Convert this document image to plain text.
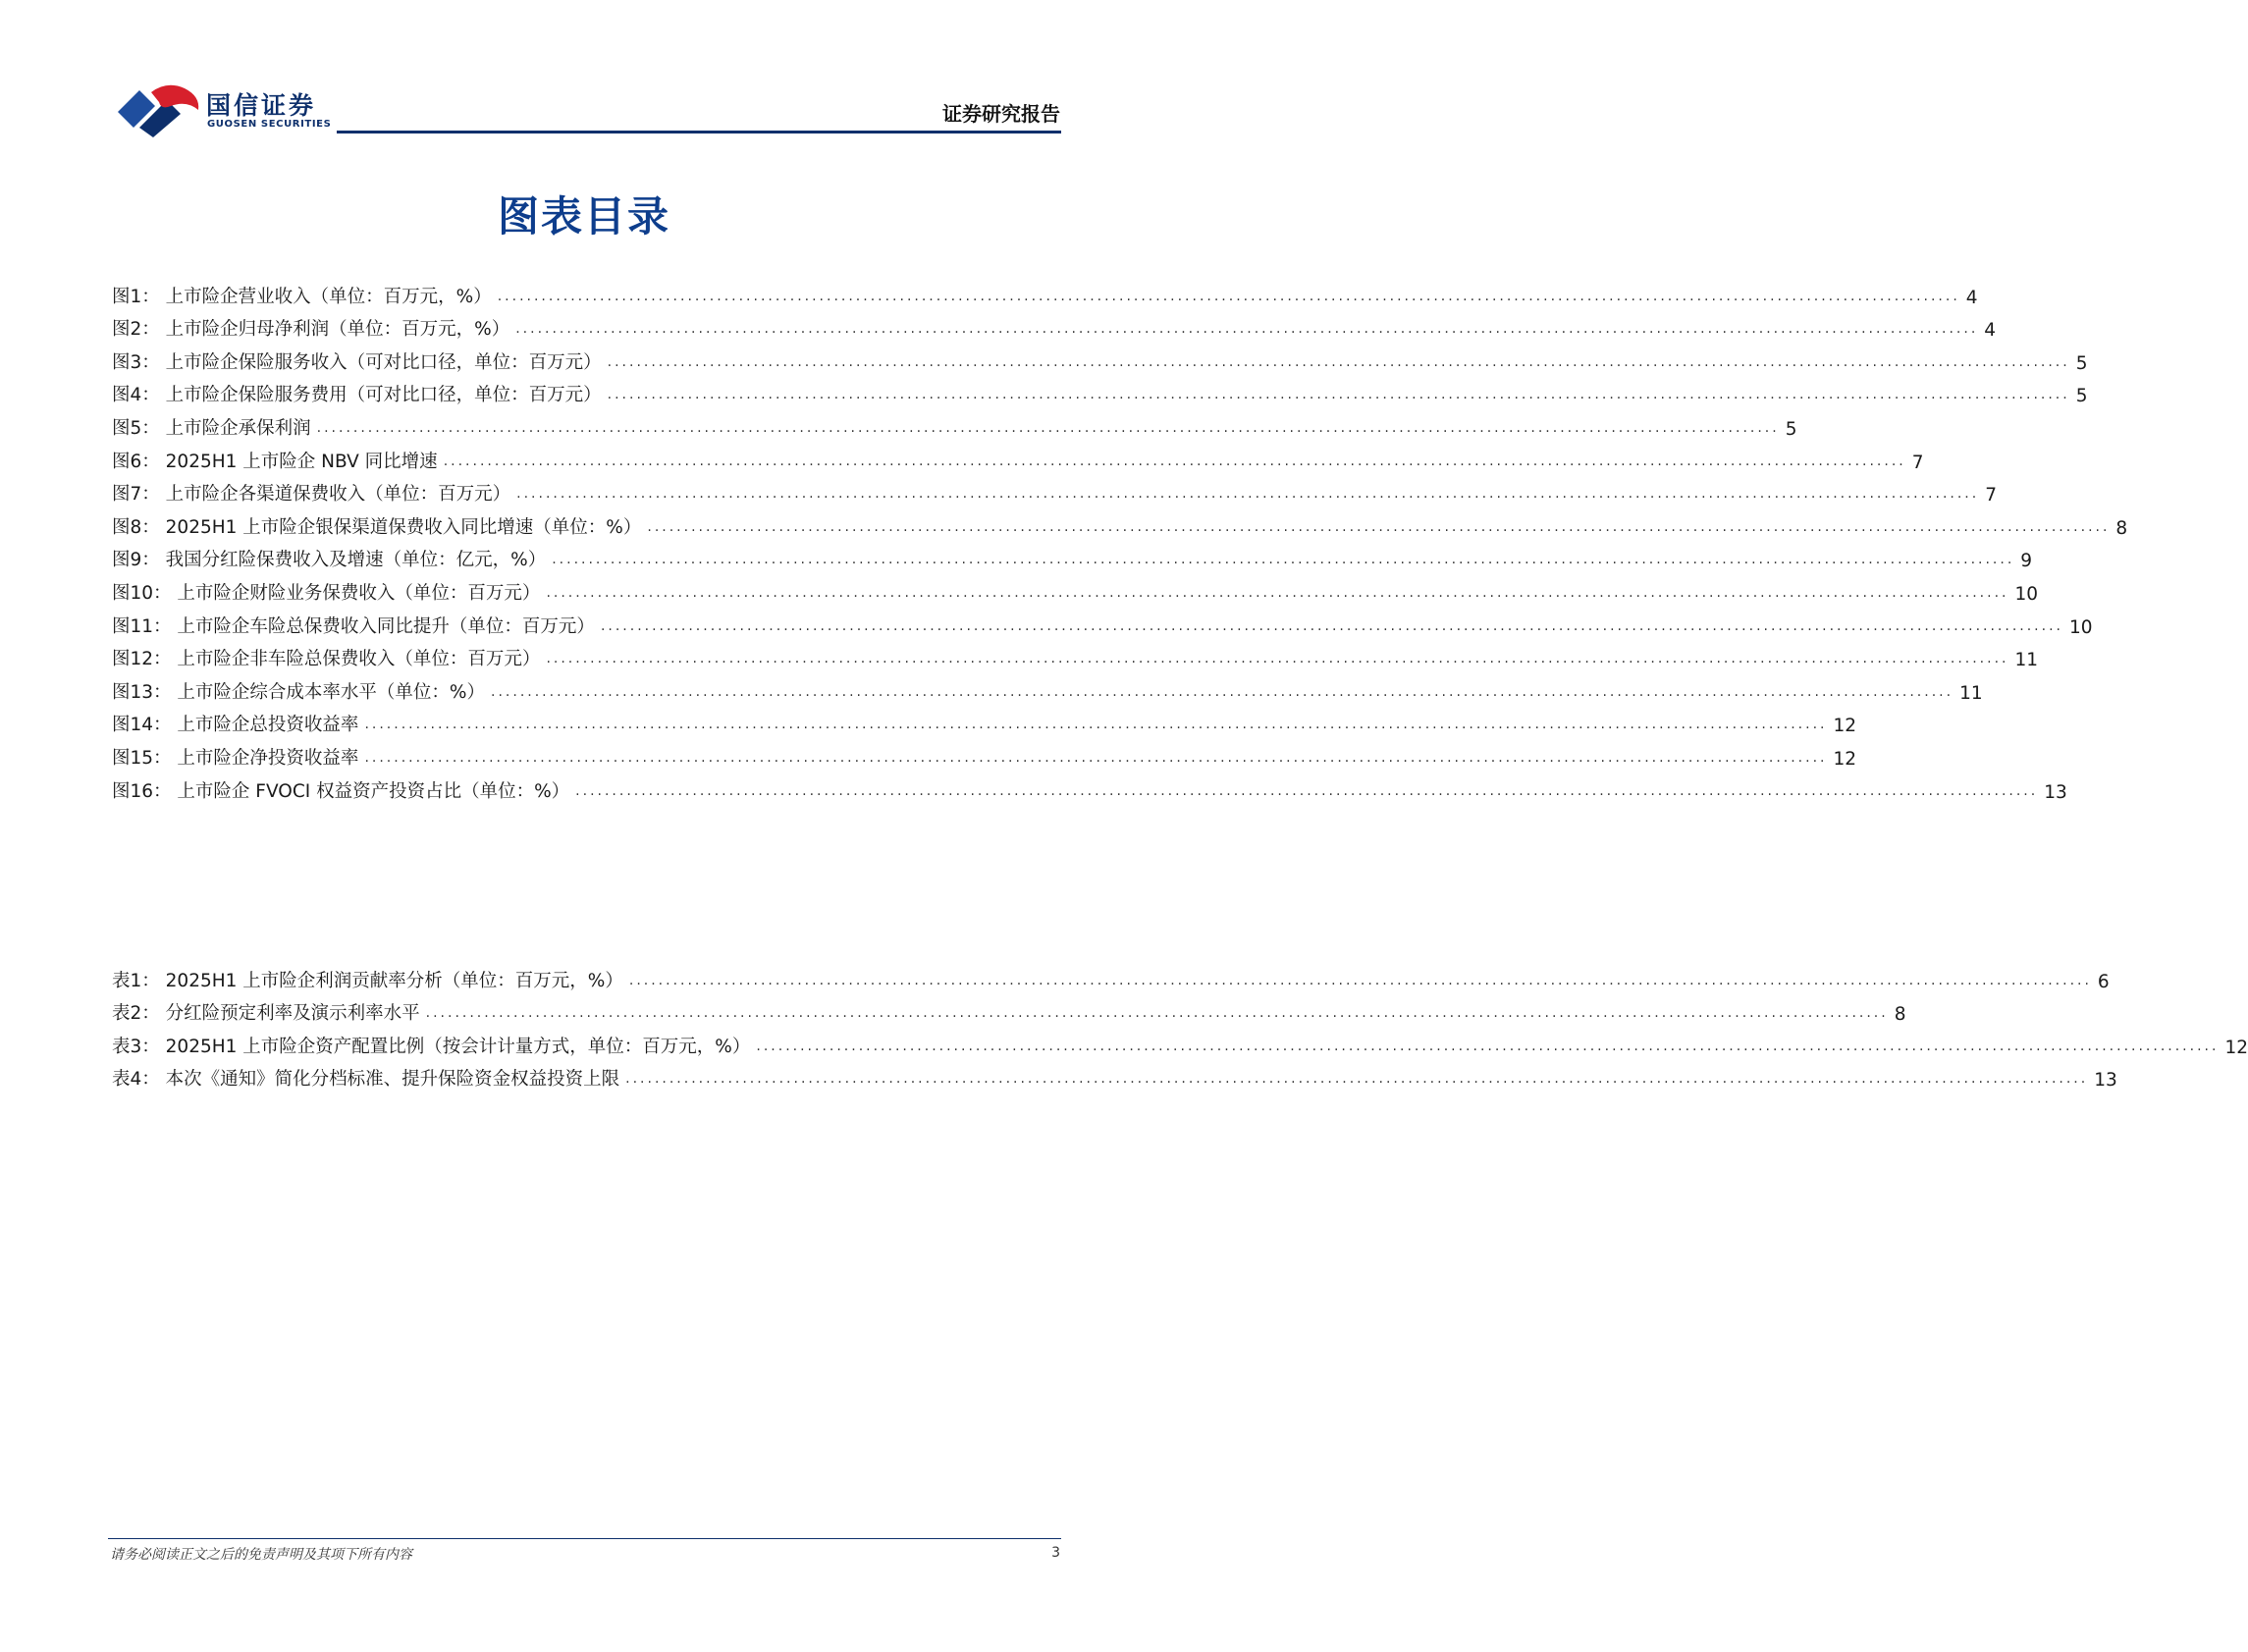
国信证券
GUOSEN SECURITIES	证券研究报告
图表目录
图1： 上市险企营业收入（单位：百万元，%） ........................................................................................................................................................................................................ 4
图2： 上市险企归母净利润（单位：百万元，%） ........................................................................................................................................................................................................ 4
图3： 上市险企保险服务收入（可对比口径，单位：百万元） ........................................................................................................................................................................................................ 5
图4： 上市险企保险服务费用（可对比口径，单位：百万元） ........................................................................................................................................................................................................ 5
图5： 上市险企承保利润 ........................................................................................................................................................................................................ 5
图6： 2025H1 上市险企 NBV 同比增速 ........................................................................................................................................................................................................ 7
图7： 上市险企各渠道保费收入（单位：百万元） ........................................................................................................................................................................................................ 7
图8： 2025H1 上市险企银保渠道保费收入同比增速（单位：%） ........................................................................................................................................................................................................ 8
图9： 我国分红险保费收入及增速（单位：亿元，%） ........................................................................................................................................................................................................ 9
图10： 上市险企财险业务保费收入（单位：百万元） ........................................................................................................................................................................................................ 10
图11： 上市险企车险总保费收入同比提升（单位：百万元） ........................................................................................................................................................................................................ 10
图12： 上市险企非车险总保费收入（单位：百万元） ........................................................................................................................................................................................................ 11
图13： 上市险企综合成本率水平（单位：%） ........................................................................................................................................................................................................ 11
图14： 上市险企总投资收益率 ........................................................................................................................................................................................................ 12
图15： 上市险企净投资收益率 ........................................................................................................................................................................................................ 12
图16： 上市险企 FVOCI 权益资产投资占比（单位：%） ........................................................................................................................................................................................................ 13
表1： 2025H1 上市险企利润贡献率分析（单位：百万元，%） ........................................................................................................................................................................................................ 6
表2： 分红险预定利率及演示利率水平 ........................................................................................................................................................................................................ 8
表3： 2025H1 上市险企资产配置比例（按会计计量方式，单位：百万元，%） ........................................................................................................................................................................................................ 12
表4： 本次《通知》简化分档标准、提升保险资金权益投资上限 ........................................................................................................................................................................................................ 13
请务必阅读正文之后的免责声明及其项下所有内容	3
